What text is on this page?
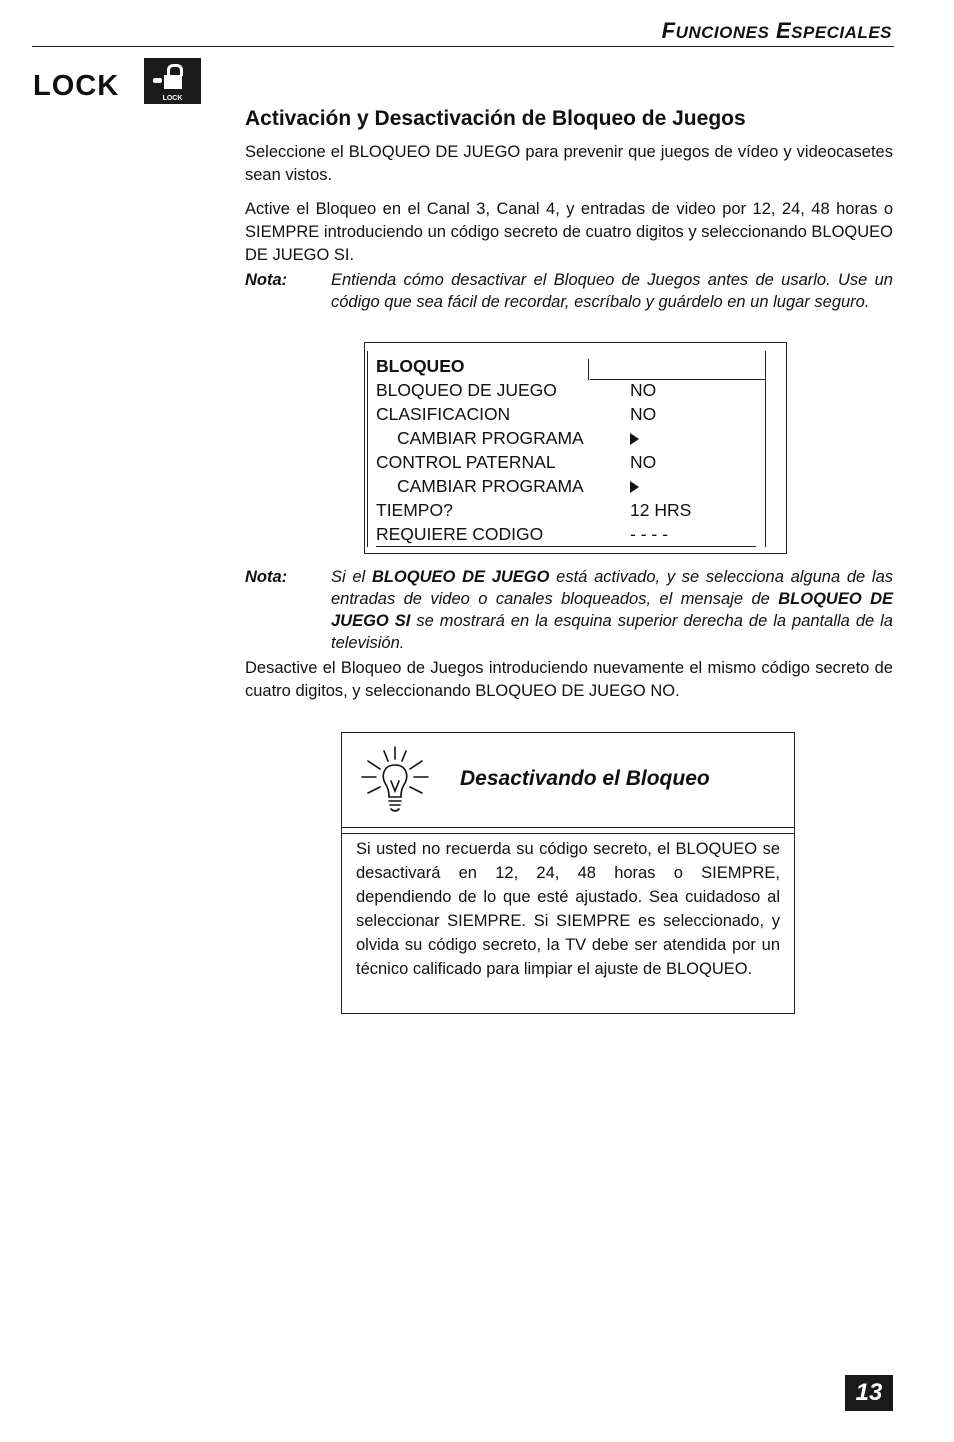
FUNCIONES ESPECIALES
LOCK	LOCK
Activación y Desactivación de Bloqueo de Juegos
Seleccione el BLOQUEO DE JUEGO para prevenir que juegos de vídeo y videocasetes sean vistos.
Active el Bloqueo en el Canal 3, Canal 4, y entradas de video por 12, 24, 48 horas o SIEMPRE introduciendo un código secreto de cuatro digitos y seleccionando BLOQUEO DE JUEGO SI.
Nota:	Entienda cómo desactivar el Bloqueo de Juegos antes de usarlo. Use un código que sea fácil de recordar, escríbalo y guárdelo en un lugar seguro.
BLOQUEO
BLOQUEO DE JUEGO	NO
CLASIFICACION	NO
CAMBIAR PROGRAMA
CONTROL PATERNAL	NO
CAMBIAR PROGRAMA
TIEMPO?	12 HRS
REQUIERE CODIGO	- - - -
Nota:	Si el BLOQUEO DE JUEGO está activado, y se selecciona alguna de las entradas de video o canales bloqueados, el mensaje de BLOQUEO DE JUEGO SI se mostrará en la esquina superior derecha de la pantalla de la televisión.
Desactive el Bloqueo de Juegos introduciendo nuevamente el mismo código secreto de cuatro digitos, y seleccionando BLOQUEO DE JUEGO NO.
Desactivando el Bloqueo
Si usted no recuerda su código secreto, el BLOQUEO se desactivará en 12, 24, 48 horas o SIEMPRE, dependiendo de lo que esté ajustado. Sea cuidadoso al seleccionar SIEMPRE. Si SIEMPRE es seleccionado, y olvida su código secreto, la TV debe ser atendida por un técnico calificado para limpiar el ajuste de BLOQUEO.
13
